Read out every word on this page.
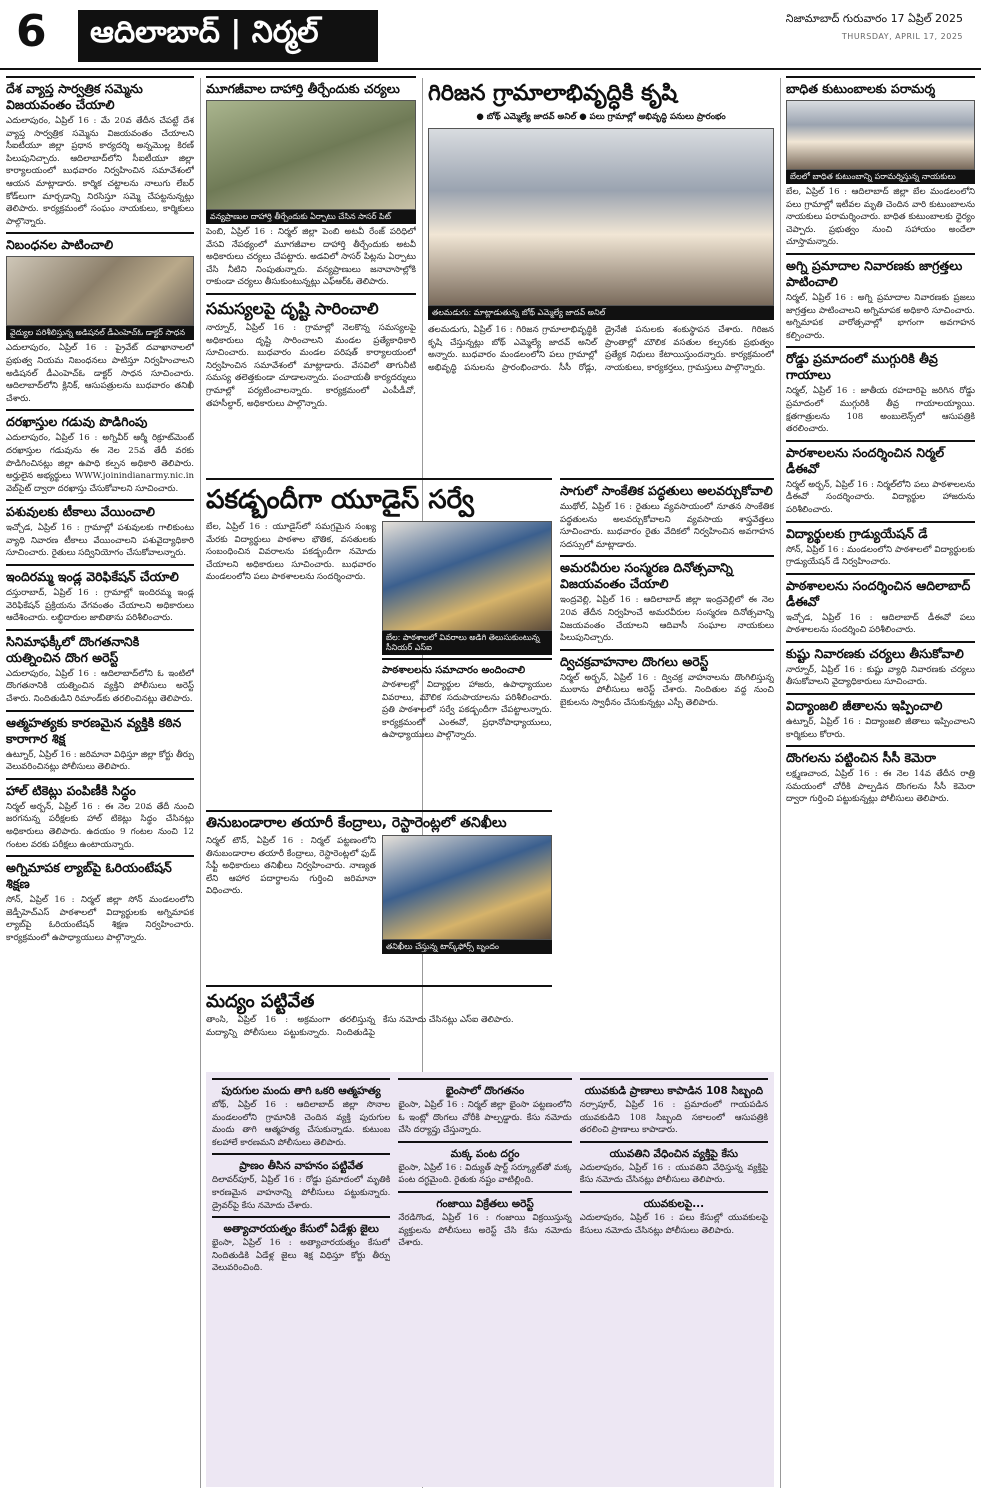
6	ఆదిలాబాద్ | నిర్మల్	నిజామాబాద్ గురువారం 17 ఏప్రిల్ 2025
THURSDAY, APRIL 17, 2025
దేశ వ్యాప్త సార్వత్రిక సమ్మెను విజయవంతం చేయాలి
ఎదులాపురం, ఏప్రిల్ 16 : మే 20వ తేదీన చేపట్టే దేశ వ్యాప్త సార్వత్రిక సమ్మెను విజయవంతం చేయాలని సీఐటీయూ జిల్లా ప్రధాన కార్యదర్శి అన్నమొల్ల కిరణ్ పిలుపునిచ్చారు. ఆదిలాబాద్‌లోని సీఐటీయూ జిల్లా కార్యాలయంలో బుధవారం నిర్వహించిన సమావేశంలో ఆయన మాట్లాడారు. కార్మిక చట్టాలను నాలుగు లేబర్ కోడ్‌లుగా మార్చడాన్ని నిరసిస్తూ సమ్మె చేపట్టనున్నట్లు తెలిపారు. కార్యక్రమంలో సంఘం నాయకులు, కార్మికులు పాల్గొన్నారు.
నిబంధనల పాటించాలి
వైద్యుల పరిశీలిస్తున్న అడిషనల్ డీఎంహెచ్‌ఓ డాక్టర్ సాధన
ఎదులాపురం, ఏప్రిల్ 16 : ప్రైవేట్ దవాఖానాలలో ప్రభుత్వ నియమ నిబంధనలు పాటిస్తూ నిర్వహించాలని అడిషనల్ డీఎంహెచ్‌ఓ డాక్టర్ సాధన సూచించారు. ఆదిలాబాద్‌లోని క్లినిక్, ఆసుపత్రులను బుధవారం తనిఖీ చేశారు.
దరఖాస్తుల గడువు పొడిగింపు
ఎదులాపురం, ఏప్రిల్ 16 : అగ్నివీర్ ఆర్మీ రిక్రూట్‌మెంట్ దరఖాస్తుల గడువును ఈ నెల 25వ తేదీ వరకు పొడిగించినట్లు జిల్లా ఉపాధి కల్పన అధికారి తెలిపారు. అర్హులైన అభ్యర్థులు WWW.joinindianarmy.nic.in వెబ్‌సైట్ ద్వారా దరఖాస్తు చేసుకోవాలని సూచించారు.
పశువులకు టీకాలు వేయించాలి
ఇచ్చోడ, ఏప్రిల్ 16 : గ్రామాల్లో పశువులకు గాలికుంటు వ్యాధి నివారణ టీకాలు వేయించాలని పశువైద్యాధికారి సూచించారు. రైతులు సద్వినియోగం చేసుకోవాలన్నారు.
ఇందిరమ్మ ఇండ్ల వెరిఫికేషన్ చేయాలి
దస్తురాబాద్, ఏప్రిల్ 16 : గ్రామాల్లో ఇందిరమ్మ ఇండ్ల వెరిఫికేషన్ ప్రక్రియను వేగవంతం చేయాలని అధికారులు ఆదేశించారు. లబ్ధిదారుల జాబితాను పరిశీలించారు.
సినిమాఫక్కీలో దొంగతనానికి యత్నించిన దొంగ అరెస్ట్
ఎదులాపురం, ఏప్రిల్ 16 : ఆదిలాబాద్‌లోని ఓ ఇంటిలో దొంగతనానికి యత్నించిన వ్యక్తిని పోలీసులు అరెస్ట్ చేశారు. నిందితుడిని రిమాండ్‌కు తరలించినట్లు తెలిపారు.
ఆత్మహత్యకు కారణమైన వ్యక్తికి కఠిన కారాగార శిక్ష
ఉట్నూర్, ఏప్రిల్ 16 : జరిమానా విధిస్తూ జిల్లా కోర్టు తీర్పు వెలువరించినట్లు పోలీసులు తెలిపారు.
హాల్ టికెట్లు పంపిణీకి సిద్ధం
నిర్మల్ అర్బన్, ఏప్రిల్ 16 : ఈ నెల 20వ తేదీ నుంచి జరగనున్న పరీక్షలకు హాల్ టికెట్లు సిద్ధం చేసినట్లు అధికారులు తెలిపారు. ఉదయం 9 గంటల నుంచి 12 గంటల వరకు పరీక్షలు ఉంటాయన్నారు.
అగ్నిమాపక ల్యాబ్‌పై ఓరియంటేషన్ శిక్షణ
సోన్, ఏప్రిల్ 16 : నిర్మల్ జిల్లా సోన్ మండలంలోని జెడ్పీహెచ్ఎస్ పాఠశాలలో విద్యార్థులకు అగ్నిమాపక ల్యాబ్‌పై ఓరియంటేషన్ శిక్షణ నిర్వహించారు. కార్యక్రమంలో ఉపాధ్యాయులు పాల్గొన్నారు.
మూగజీవాల దాహార్తి తీర్చేందుకు చర్యలు
వన్యప్రాణుల దాహార్తి తీర్చేందుకు ఏర్పాటు చేసిన సాసర్ పిట్
పెంబి, ఏప్రిల్ 16 : నిర్మల్ జిల్లా పెంబి అటవీ రేంజ్ పరిధిలో వేసవి నేపథ్యంలో మూగజీవాల దాహార్తి తీర్చేందుకు అటవీ అధికారులు చర్యలు చేపట్టారు. అడవిలో సాసర్ పిట్లను ఏర్పాటు చేసి నీటిని నింపుతున్నారు. వన్యప్రాణులు జనావాసాల్లోకి రాకుండా చర్యలు తీసుకుంటున్నట్లు ఎఫ్ఆర్‌ఓ తెలిపారు.
సమస్యలపై దృష్టి సారించాలి
నార్నూర్, ఏప్రిల్ 16 : గ్రామాల్లో నెలకొన్న సమస్యలపై అధికారులు దృష్టి సారించాలని మండల ప్రత్యేకాధికారి సూచించారు. బుధవారం మండల పరిషత్ కార్యాలయంలో నిర్వహించిన సమావేశంలో మాట్లాడారు. వేసవిలో తాగునీటి సమస్య తలెత్తకుండా చూడాలన్నారు. పంచాయతీ కార్యదర్శులు గ్రామాల్లో పర్యటించాలన్నారు. కార్యక్రమంలో ఎంపీడీవో, తహసీల్దార్, అధికారులు పాల్గొన్నారు.
గిరిజన గ్రామాలాభివృద్ధికి కృషి
● బోథ్ ఎమ్మెల్యే జాదవ్ అనిల్ ● పలు గ్రామాల్లో అభివృద్ధి పనులు ప్రారంభం
తలమడుగు: మాట్లాడుతున్న బోథ్ ఎమ్మెల్యే జాదవ్ అనిల్
తలమడుగు, ఏప్రిల్ 16 : గిరిజన గ్రామాలాభివృద్ధికి కృషి చేస్తున్నట్లు బోథ్ ఎమ్మెల్యే జాదవ్ అనిల్ అన్నారు. బుధవారం మండలంలోని పలు గ్రామాల్లో అభివృద్ధి పనులను ప్రారంభించారు. సీసీ రోడ్లు, డ్రైనేజీ పనులకు శంకుస్థాపన చేశారు. గిరిజన ప్రాంతాల్లో మౌలిక వసతుల కల్పనకు ప్రభుత్వం ప్రత్యేక నిధులు కేటాయిస్తుందన్నారు. కార్యక్రమంలో నాయకులు, కార్యకర్తలు, గ్రామస్తులు పాల్గొన్నారు.
బాధిత కుటుంబాలకు పరామర్శ
బేలలో బాధిత కుటుంబాన్ని పరామర్శిస్తున్న నాయకులు
బేల, ఏప్రిల్ 16 : ఆదిలాబాద్ జిల్లా బేల మండలంలోని పలు గ్రామాల్లో ఇటీవల మృతి చెందిన వారి కుటుంబాలను నాయకులు పరామర్శించారు. బాధిత కుటుంబాలకు ధైర్యం చెప్పారు. ప్రభుత్వం నుంచి సహాయం అందేలా చూస్తామన్నారు.
అగ్ని ప్రమాదాల నివారణకు జాగ్రత్తలు పాటించాలి
నిర్మల్, ఏప్రిల్ 16 : అగ్ని ప్రమాదాల నివారణకు ప్రజలు జాగ్రత్తలు పాటించాలని అగ్నిమాపక అధికారి సూచించారు. అగ్నిమాపక వారోత్సవాల్లో భాగంగా అవగాహన కల్పించారు.
రోడ్డు ప్రమాదంలో ముగ్గురికి తీవ్ర గాయాలు
నిర్మల్, ఏప్రిల్ 16 : జాతీయ రహదారిపై జరిగిన రోడ్డు ప్రమాదంలో ముగ్గురికి తీవ్ర గాయాలయ్యాయి. క్షతగాత్రులను 108 అంబులెన్స్‌లో ఆసుపత్రికి తరలించారు.
పారశాలలను సందర్శించిన నిర్మల్ డీఈవో
నిర్మల్ అర్బన్, ఏప్రిల్ 16 : నిర్మల్‌లోని పలు పాఠశాలలను డీఈవో సందర్శించారు. విద్యార్థుల హాజరును పరిశీలించారు.
విద్యార్థులకు గ్రాడ్యుయేషన్ డే
సోన్, ఏప్రిల్ 16 : మండలంలోని పాఠశాలలో విద్యార్థులకు గ్రాడ్యుయేషన్ డే నిర్వహించారు.
పాఠశాలలను సందర్శించిన ఆదిలాబాద్ డీఈవో
ఇచ్చోడ, ఏప్రిల్ 16 : ఆదిలాబాద్ డీఈవో పలు పాఠశాలలను సందర్శించి పరిశీలించారు.
కుష్టు నివారణకు చర్యలు తీసుకోవాలి
నార్నూర్, ఏప్రిల్ 16 : కుష్టు వ్యాధి నివారణకు చర్యలు తీసుకోవాలని వైద్యాధికారులు సూచించారు.
విద్యాంజలి జీతాలను ఇప్పించాలి
ఉట్నూర్, ఏప్రిల్ 16 : విద్యాంజలి జీతాలు ఇప్పించాలని కార్మికులు కోరారు.
దొంగలను పట్టించిన సీసీ కెమెరా
లక్ష్మణచాంద, ఏప్రిల్ 16 : ఈ నెల 14వ తేదీన రాత్రి సమయంలో చోరీకి పాల్పడిన దొంగలను సీసీ కెమెరా ద్వారా గుర్తించి పట్టుకున్నట్లు పోలీసులు తెలిపారు.
పకడ్బందీగా యూడైస్ సర్వే
బేల, ఏప్రిల్ 16 : యూడైస్‌లో సమగ్రమైన సంఖ్య మేరకు విద్యార్థులు పాఠశాల భౌతిక, వసతులకు సంబంధించిన వివరాలను పకడ్బందీగా నమోదు చేయాలని అధికారులు సూచించారు. బుధవారం మండలంలోని పలు పాఠశాలలను సందర్శించారు.
బేల: పాఠశాలలో వివరాలు అడిగి తెలుసుకుంటున్న సీనియర్ ఎస్‌ఐ
పాఠశాలలను సమాచారం అందించాలి
పాఠశాలల్లో విద్యార్థుల హాజరు, ఉపాధ్యాయుల వివరాలు, మౌలిక సదుపాయాలను పరిశీలించారు. ప్రతి పాఠశాలలో సర్వే పకడ్బందీగా చేపట్టాలన్నారు. కార్యక్రమంలో ఎంఈవో, ప్రధానోపాధ్యాయులు, ఉపాధ్యాయులు పాల్గొన్నారు.
సాగులో సాంకేతిక పద్ధతులు అలవర్చుకోవాలి
ముథోల్, ఏప్రిల్ 16 : రైతులు వ్యవసాయంలో నూతన సాంకేతిక పద్ధతులను అలవర్చుకోవాలని వ్యవసాయ శాస్త్రవేత్తలు సూచించారు. బుధవారం రైతు వేదికలో నిర్వహించిన అవగాహన సదస్సులో మాట్లాడారు.
అమరవీరుల సంస్మరణ దినోత్సవాన్ని విజయవంతం చేయాలి
ఇంద్రవెల్లి, ఏప్రిల్ 16 : ఆదిలాబాద్ జిల్లా ఇంద్రవెల్లిలో ఈ నెల 20వ తేదీన నిర్వహించే అమరవీరుల సంస్మరణ దినోత్సవాన్ని విజయవంతం చేయాలని ఆదివాసీ సంఘాల నాయకులు పిలుపునిచ్చారు.
ద్విచక్రవాహనాల దొంగలు అరెస్ట్
నిర్మల్ అర్బన్, ఏప్రిల్ 16 : ద్విచక్ర వాహనాలను దొంగిలిస్తున్న ముఠాను పోలీసులు అరెస్ట్ చేశారు. నిందితుల వద్ద నుంచి బైకులను స్వాధీనం చేసుకున్నట్లు ఎస్పీ తెలిపారు.
తినుబండారాల తయారీ కేంద్రాలు, రెస్టారెంట్లలో తనిఖీలు
నిర్మల్ టౌన్, ఏప్రిల్ 16 : నిర్మల్ పట్టణంలోని తినుబండారాల తయారీ కేంద్రాలు, రెస్టారెంట్లలో ఫుడ్ సేఫ్టీ అధికారులు తనిఖీలు నిర్వహించారు. నాణ్యత లేని ఆహార పదార్థాలను గుర్తించి జరిమానా విధించారు.
తనిఖీలు చేస్తున్న టాస్క్‌ఫోర్స్ బృందం
మద్యం పట్టివేత
తాంసి, ఏప్రిల్ 16 : అక్రమంగా తరలిస్తున్న మద్యాన్ని పోలీసులు పట్టుకున్నారు. నిందితుడిపై కేసు నమోదు చేసినట్లు ఎస్‌ఐ తెలిపారు.
పురుగుల మందు తాగి ఒకరి ఆత్మహత్య
బోథ్, ఏప్రిల్ 16 : ఆదిలాబాద్ జిల్లా సొనాల మండలంలోని గ్రామానికి చెందిన వ్యక్తి పురుగుల మందు తాగి ఆత్మహత్య చేసుకున్నాడు. కుటుంబ కలహాలే కారణమని పోలీసులు తెలిపారు.
ప్రాణం తీసిన వాహనం పట్టివేత
దిలావర్‌పూర్, ఏప్రిల్ 16 : రోడ్డు ప్రమాదంలో మృతికి కారణమైన వాహనాన్ని పోలీసులు పట్టుకున్నారు. డ్రైవర్‌పై కేసు నమోదు చేశారు.
అత్యాచారయత్నం కేసులో ఏడేళ్లు జైలు
భైంసా, ఏప్రిల్ 16 : అత్యాచారయత్నం కేసులో నిందితుడికి ఏడేళ్ల జైలు శిక్ష విధిస్తూ కోర్టు తీర్పు వెలువరించింది.
భైంసాలో దొంగతనం
భైంసా, ఏప్రిల్ 16 : నిర్మల్ జిల్లా భైంసా పట్టణంలోని ఓ ఇంట్లో దొంగలు చోరీకి పాల్పడ్డారు. కేసు నమోదు చేసి దర్యాప్తు చేస్తున్నారు.
మక్క పంట దగ్ధం
భైంసా, ఏప్రిల్ 16 : విద్యుత్ షార్ట్ సర్క్యూట్‌తో మక్క పంట దగ్ధమైంది. రైతుకు నష్టం వాటిల్లింది.
గంజాయి విక్రేతలు అరెస్ట్
నేరడిగొండ, ఏప్రిల్ 16 : గంజాయి విక్రయిస్తున్న వ్యక్తులను పోలీసులు అరెస్ట్ చేసి కేసు నమోదు చేశారు.
యువకుడి ప్రాణాలు కాపాడిన 108 సిబ్బంది
నర్సాపూర్, ఏప్రిల్ 16 : ప్రమాదంలో గాయపడిన యువకుడిని 108 సిబ్బంది సకాలంలో ఆసుపత్రికి తరలించి ప్రాణాలు కాపాడారు.
యువతిని వేధించిన వ్యక్తిపై కేసు
ఎదులాపురం, ఏప్రిల్ 16 : యువతిని వేధిస్తున్న వ్యక్తిపై కేసు నమోదు చేసినట్లు పోలీసులు తెలిపారు.
యువకులపై...
ఎదులాపురం, ఏప్రిల్ 16 : పలు కేసుల్లో యువకులపై కేసులు నమోదు చేసినట్లు పోలీసులు తెలిపారు.
